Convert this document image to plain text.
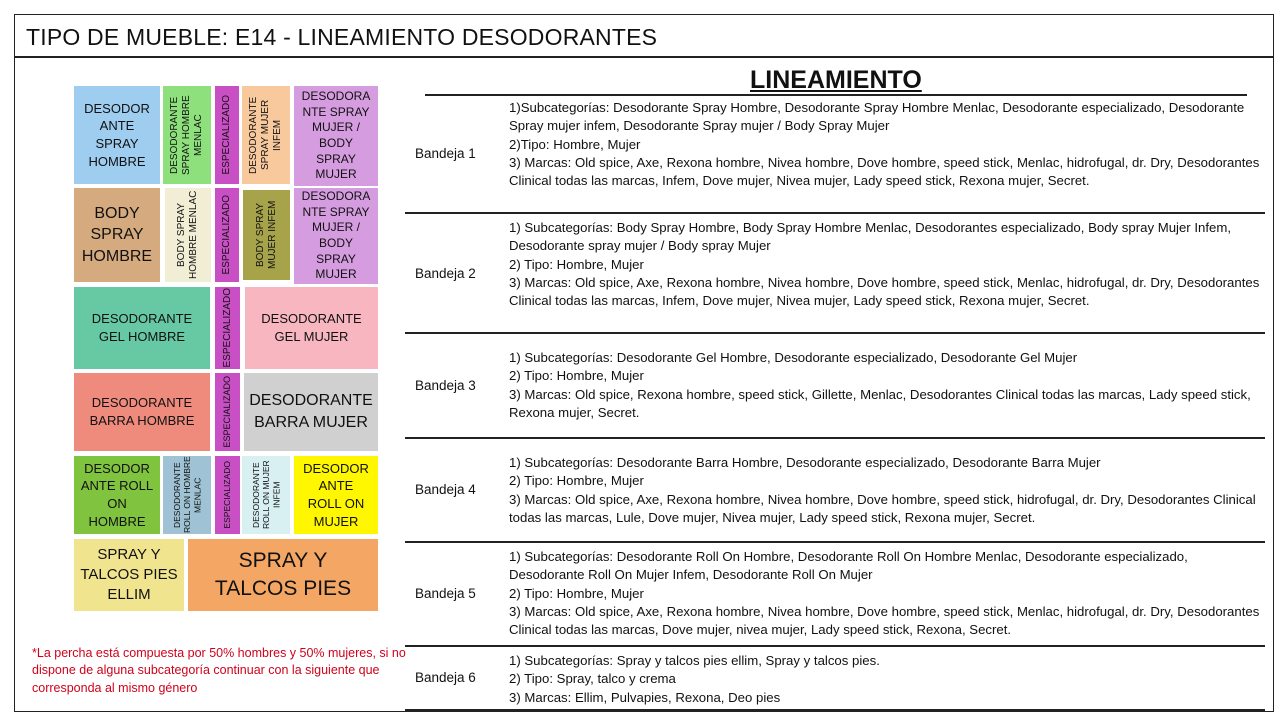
TIPO DE MUEBLE: E14 - LINEAMIENTO DESODORANTES
DESODOR ANTE SPRAY HOMBRE	DESODORANTE SPRAY HOMBRE MENLAC ESPECIALIZADO DESODORANTE SPRAY MUJER INFEM
DESODORA NTE SPRAY MUJER / BODY SPRAY MUJER
BODY SPRAY HOMBRE	BODY SPRAY HOMBRE MENLAC ESPECIALIZADO BODY SPRAY MUJER INFEM
DESODORA NTE SPRAY MUJER / BODY SPRAY MUJER
DESODORANTE GEL HOMBRE	ESPECIALIZADO	DESODORANTE GEL MUJER
DESODORANTE BARRA HOMBRE	ESPECIALIZADO	DESODORANTE BARRA MUJER
DESODOR ANTE ROLL ON HOMBRE	DESODORANTE ROLL ON HOMBRE MENLAC ESPECIALIZADO DESODORANTE ROLL ON MUJER INFEM
DESODOR ANTE ROLL ON MUJER
SPRAY Y TALCOS PIES ELLIM
SPRAY Y TALCOS PIES
*La percha está compuesta por 50% hombres y 50% mujeres, si no dispone de alguna subcategoría continuar con la siguiente que corresponda al mismo género
LINEAMIENTO
Bandeja 1
1)Subcategorías: Desodorante Spray Hombre, Desodorante Spray Hombre Menlac, Desodorante especializado, Desodorante Spray mujer infem, Desodorante Spray mujer / Body Spray Mujer
2)Tipo: Hombre, Mujer
3) Marcas: Old spice, Axe, Rexona hombre, Nivea hombre, Dove hombre, speed stick, Menlac, hidrofugal, dr. Dry, Desodorantes Clinical todas las marcas, Infem, Dove mujer, Nivea mujer, Lady speed stick, Rexona mujer, Secret.
Bandeja 2
1) Subcategorías: Body Spray Hombre, Body Spray Hombre Menlac, Desodorantes especializado, Body spray Mujer Infem, Desodorante spray mujer / Body spray Mujer
2) Tipo: Hombre, Mujer
3) Marcas: Old spice, Axe, Rexona hombre, Nivea hombre, Dove hombre, speed stick, Menlac, hidrofugal, dr. Dry, Desodorantes Clinical todas las marcas, Infem, Dove mujer, Nivea mujer, Lady speed stick, Rexona mujer, Secret.
Bandeja 3
1) Subcategorías: Desodorante Gel Hombre, Desodorante especializado, Desodorante Gel Mujer
2) Tipo: Hombre, Mujer
3) Marcas: Old spice, Rexona hombre, speed stick, Gillette, Menlac, Desodorantes Clinical todas las marcas, Lady speed stick, Rexona mujer, Secret.
Bandeja 4
1) Subcategorías: Desodorante Barra Hombre, Desodorante especializado, Desodorante Barra Mujer
2) Tipo: Hombre, Mujer
3) Marcas: Old spice, Axe, Rexona hombre, Nivea hombre, Dove hombre, speed stick, hidrofugal, dr. Dry, Desodorantes Clinical todas las marcas, Lule, Dove mujer, Nivea mujer, Lady speed stick, Rexona mujer, Secret.
Bandeja 5
1) Subcategorías: Desodorante Roll On Hombre, Desodorante Roll On Hombre Menlac, Desodorante especializado, Desodorante Roll On Mujer Infem, Desodorante Roll On Mujer
2) Tipo: Hombre, Mujer
3) Marcas: Old spice, Axe, Rexona hombre, Nivea hombre, Dove hombre, speed stick, Menlac, hidrofugal, dr. Dry, Desodorantes Clinical todas las marcas, Dove mujer, nivea mujer, Lady speed stick, Rexona, Secret.
Bandeja 6
1) Subcategorías: Spray y talcos pies ellim, Spray y talcos pies.
2) Tipo: Spray, talco y crema
3) Marcas: Ellim, Pulvapies, Rexona, Deo pies
